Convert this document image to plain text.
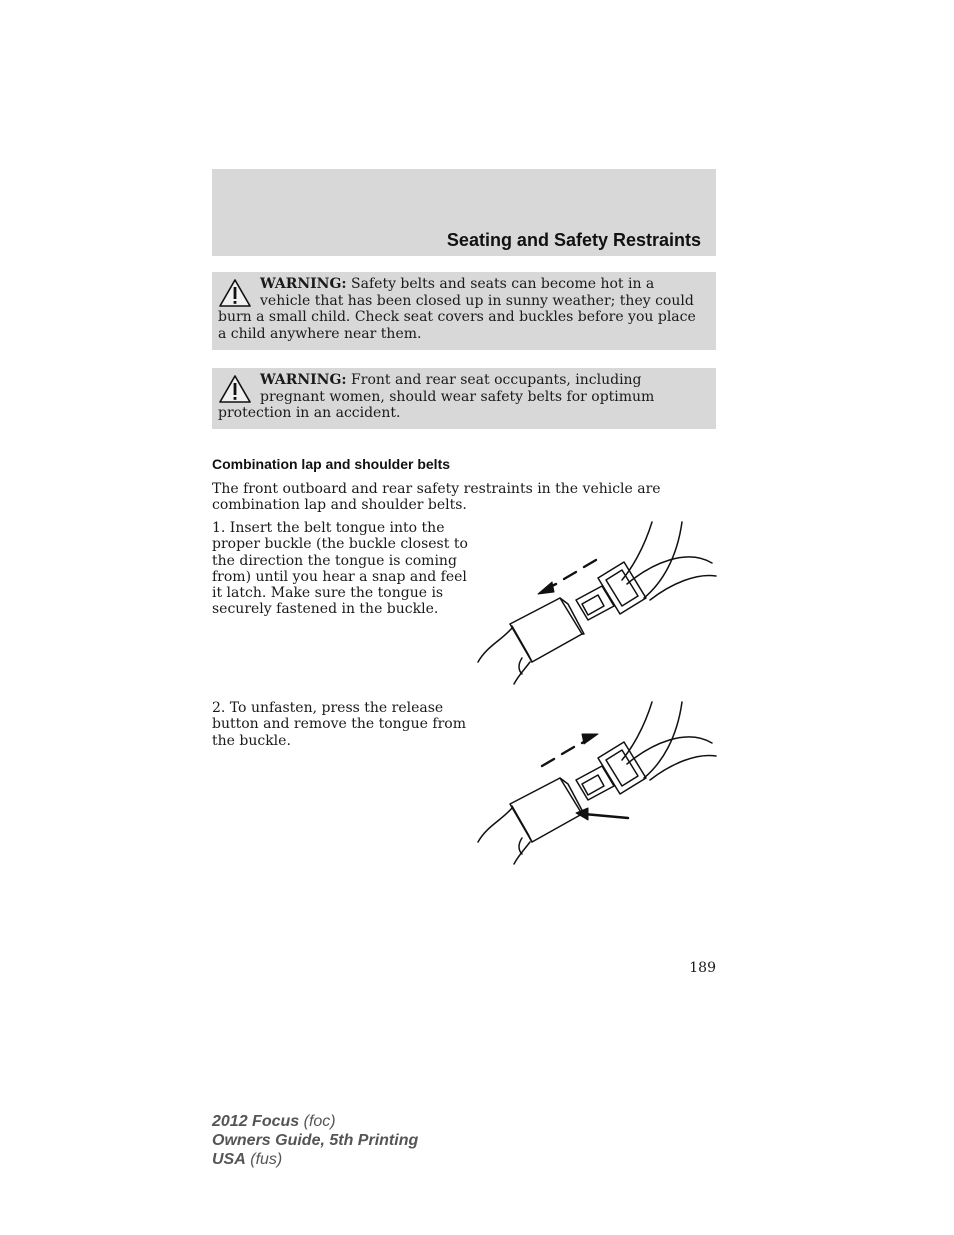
Seating and Safety Restraints
WARNING: Safety belts and seats can become hot in a vehicle that has been closed up in sunny weather; they could burn a small child. Check seat covers and buckles before you place a child anywhere near them.
WARNING: Front and rear seat occupants, including pregnant women, should wear safety belts for optimum protection in an accident.
Combination lap and shoulder belts
The front outboard and rear safety restraints in the vehicle are combination lap and shoulder belts.
1. Insert the belt tongue into the proper buckle (the buckle closest to the direction the tongue is coming from) until you hear a snap and feel it latch. Make sure the tongue is securely fastened in the buckle.
2. To unfasten, press the release button and remove the tongue from the buckle.
189
2012 Focus (foc)
Owners Guide, 5th Printing
USA (fus)
